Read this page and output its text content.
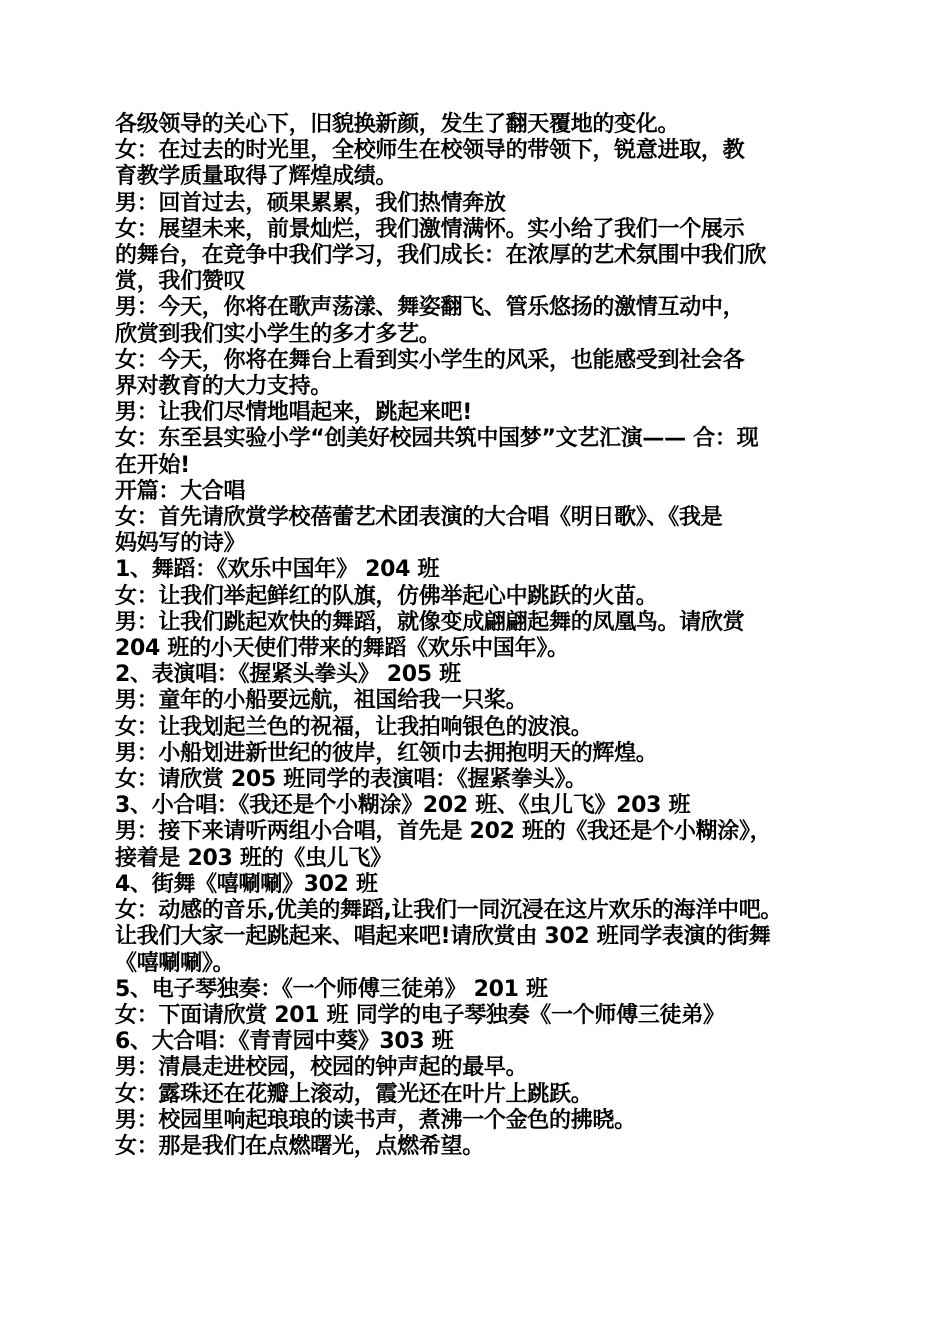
各级领导的关心下，旧貌换新颜，发生了翻天覆地的变化。
女：在过去的时光里，全校师生在校领导的带领下，锐意进取，教
育教学质量取得了辉煌成绩。
男：回首过去，硕果累累，我们热情奔放
女：展望未来，前景灿烂，我们激情满怀。实小给了我们一个展示
的舞台，在竞争中我们学习，我们成长：在浓厚的艺术氛围中我们欣
赏，我们赞叹
男：今天，你将在歌声荡漾、舞姿翻飞、管乐悠扬的激情互动中，
欣赏到我们实小学生的多才多艺。
女：今天，你将在舞台上看到实小学生的风采，也能感受到社会各
界对教育的大力支持。
男：让我们尽情地唱起来，跳起来吧!
女：东至县实验小学“创美好校园共筑中国梦”文艺汇演—— 合：现
在开始!
开篇：大合唱
女：首先请欣赏学校蓓蕾艺术团表演的大合唱《明日歌》、《我是
妈妈写的诗》
1、舞蹈：《欢乐中国年》 204 班
女：让我们举起鲜红的队旗，仿佛举起心中跳跃的火苗。
男：让我们跳起欢快的舞蹈，就像变成翩翩起舞的凤凰鸟。请欣赏
204 班的小天使们带来的舞蹈《欢乐中国年》。
2、表演唱：《握紧头拳头》 205 班
男：童年的小船要远航，祖国给我一只桨。
女：让我划起兰色的祝福，让我拍响银色的波浪。
男：小船划进新世纪的彼岸，红领巾去拥抱明天的辉煌。
女：请欣赏 205 班同学的表演唱：《握紧拳头》。
3、小合唱：《我还是个小糊涂》202 班、《虫儿飞》203 班
男：接下来请听两组小合唱，首先是 202 班的《我还是个小糊涂》，
接着是 203 班的《虫儿飞》
4、街舞《嘻唰唰》302 班
女：动感的音乐,优美的舞蹈,让我们一同沉浸在这片欢乐的海洋中吧。
让我们大家一起跳起来、唱起来吧!请欣赏由 302 班同学表演的街舞
《嘻唰唰》。
5、电子琴独奏：《一个师傅三徒弟》 201 班
女：下面请欣赏 201 班 同学的电子琴独奏《一个师傅三徒弟》
6、大合唱：《青青园中葵》303 班
男：清晨走进校园，校园的钟声起的最早。
女：露珠还在花瓣上滚动，霞光还在叶片上跳跃。
男：校园里响起琅琅的读书声，煮沸一个金色的拂晓。
女：那是我们在点燃曙光，点燃希望。
